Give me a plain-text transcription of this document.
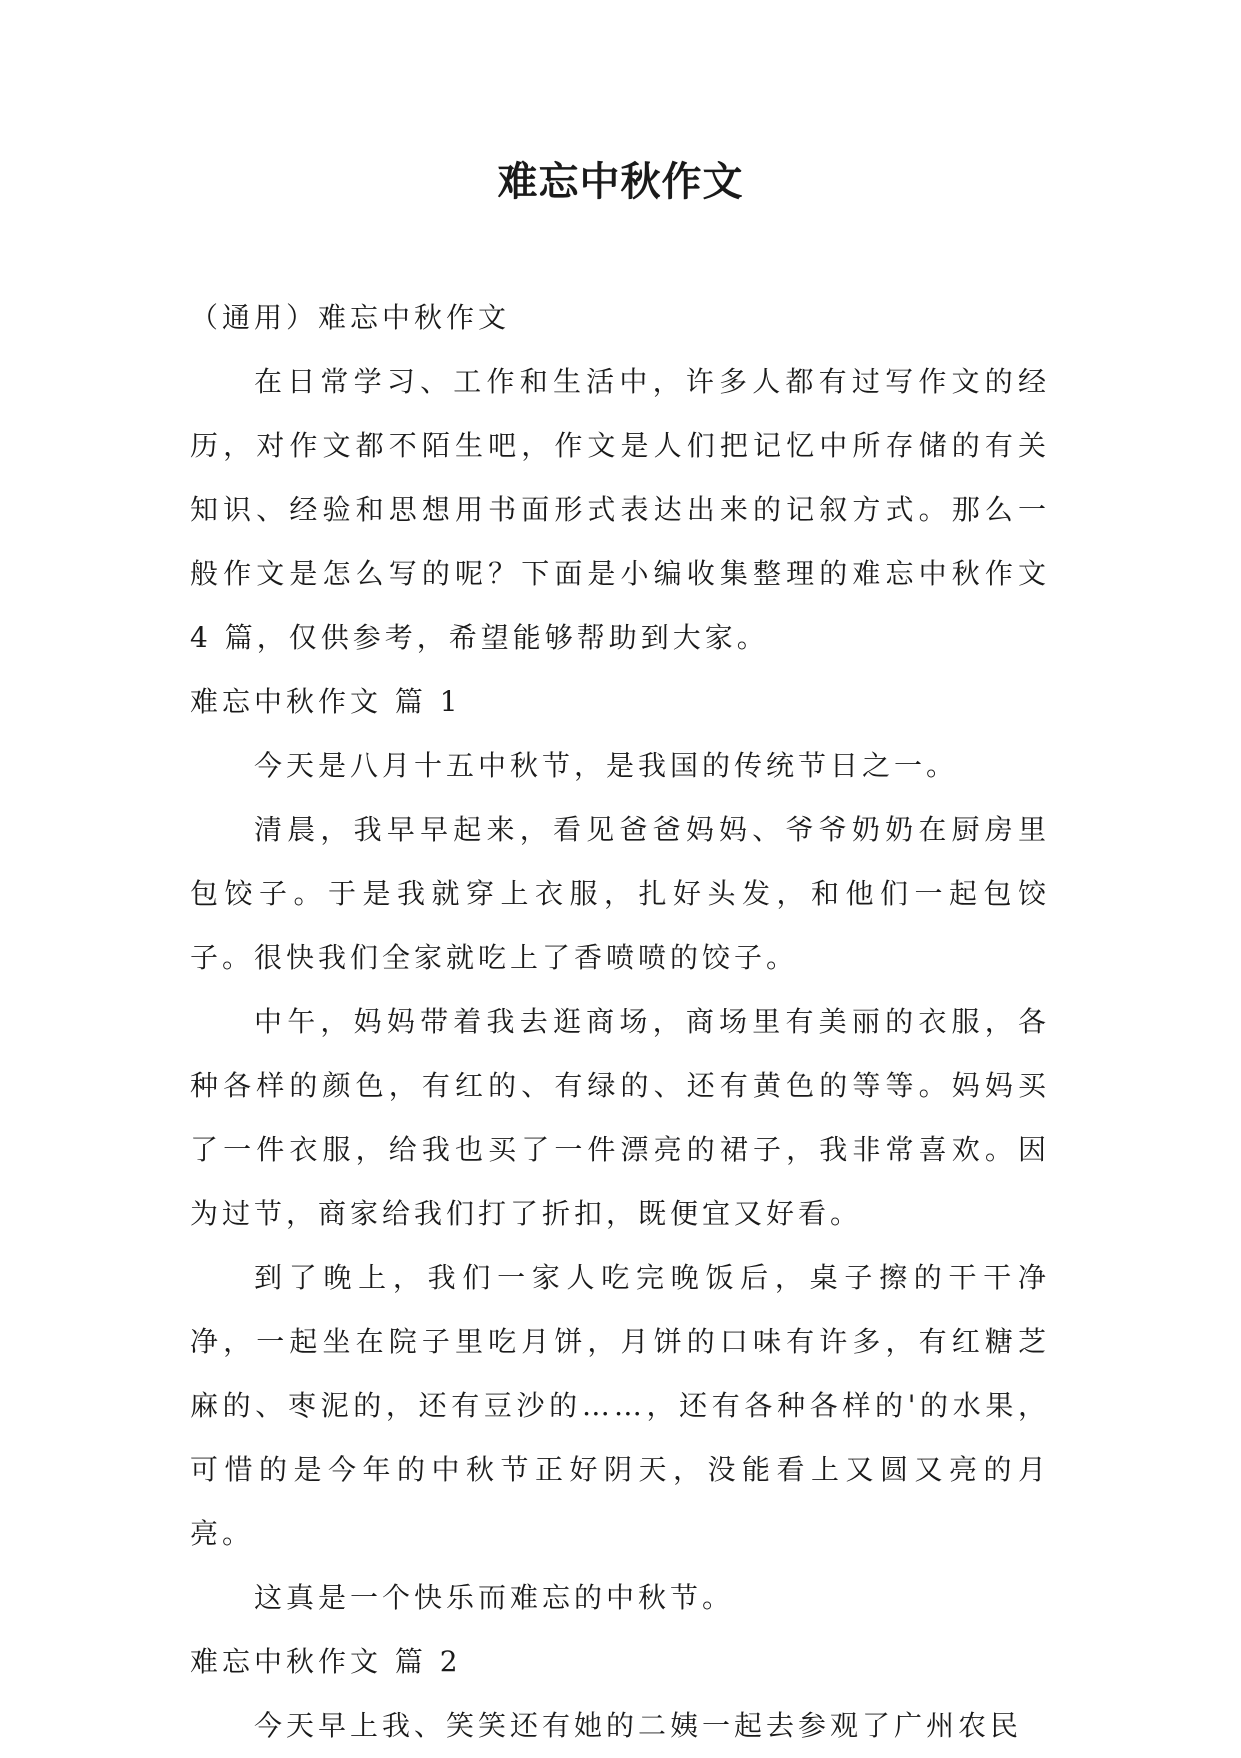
难忘中秋作文

（通用）难忘中秋作文

在日常学习、工作和生活中，许多人都有过写作文的经历，对作文都不陌生吧，作文是人们把记忆中所存储的有关知识、经验和思想用书面形式表达出来的记叙方式。那么一般作文是怎么写的呢？下面是小编收集整理的难忘中秋作文 4 篇，仅供参考，希望能够帮助到大家。

难忘中秋作文 篇 1

今天是八月十五中秋节，是我国的传统节日之一。

清晨，我早早起来，看见爸爸妈妈、爷爷奶奶在厨房里包饺子。于是我就穿上衣服，扎好头发，和他们一起包饺子。很快我们全家就吃上了香喷喷的饺子。

中午，妈妈带着我去逛商场，商场里有美丽的衣服，各种各样的颜色，有红的、有绿的、还有黄色的等等。妈妈买了一件衣服，给我也买了一件漂亮的裙子，我非常喜欢。因为过节，商家给我们打了折扣，既便宜又好看。

到了晚上，我们一家人吃完晚饭后，桌子擦的干干净净，一起坐在院子里吃月饼，月饼的口味有许多，有红糖芝麻的、枣泥的，还有豆沙的……，还有各种各样的'的水果，可惜的是今年的中秋节正好阴天，没能看上又圆又亮的月亮。

这真是一个快乐而难忘的中秋节。

难忘中秋作文 篇 2

今天早上我、笑笑还有她的二姨一起去参观了广州农民
